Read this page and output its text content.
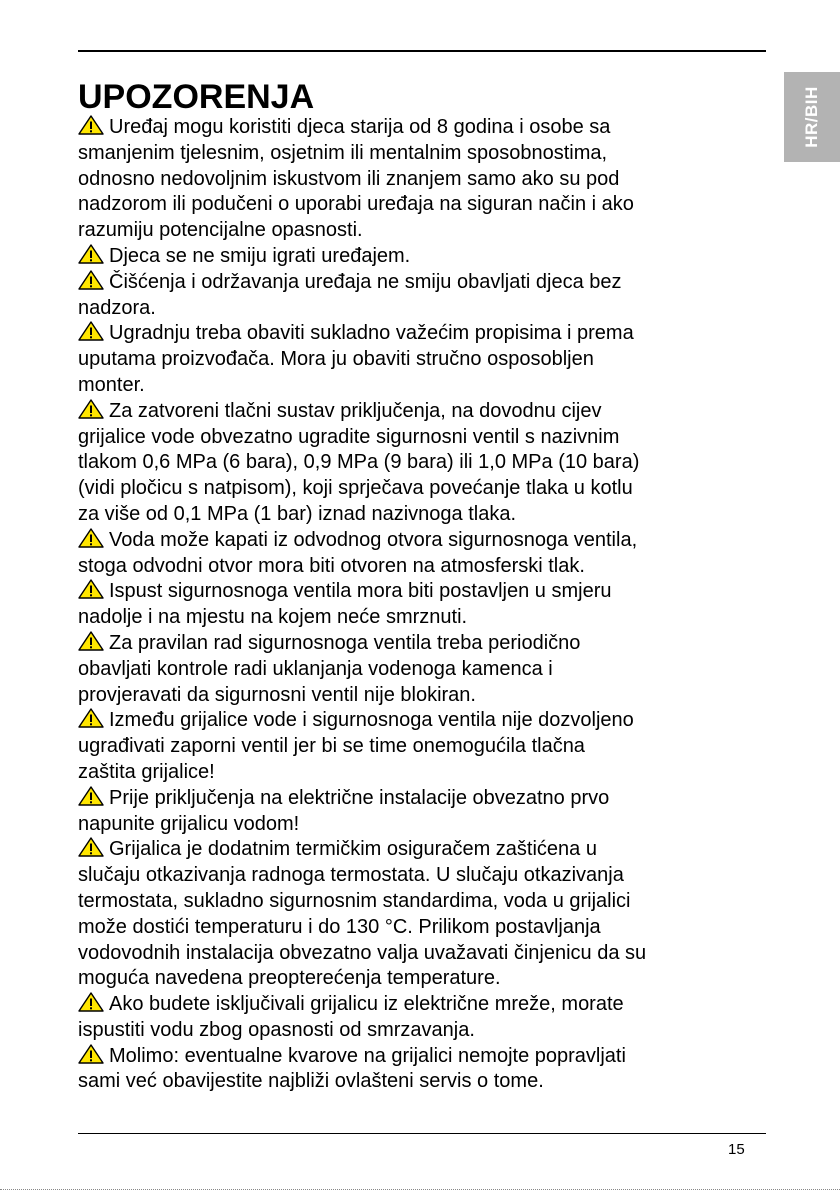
HR/BIH
UPOZORENJA

Uređaj mogu koristiti djeca starija od 8 godina i osobe sa

smanjenim tjelesnim, osjetnim ili mentalnim sposobnostima,

odnosno nedovoljnim iskustvom ili znanjem samo ako su pod

nadzorom ili podučeni o uporabi uređaja na siguran način i ako

razumiju potencijalne opasnosti.

Djeca se ne smiju igrati uređajem.

Čišćenja i održavanja uređaja ne smiju obavljati djeca bez

nadzora.

Ugradnju treba obaviti sukladno važećim propisima i prema

uputama proizvođača. Mora ju obaviti stručno osposobljen

monter.

Za zatvoreni tlačni sustav priključenja, na dovodnu cijev

grijalice vode obvezatno ugradite sigurnosni ventil s nazivnim

tlakom 0,6 MPa (6 bara), 0,9 MPa (9 bara) ili 1,0 MPa (10 bara)

(vidi pločicu s natpisom), koji sprječava povećanje tlaka u kotlu

za više od 0,1 MPa (1 bar) iznad nazivnoga tlaka.

Voda može kapati iz odvodnog otvora sigurnosnoga ventila,

stoga odvodni otvor mora biti otvoren na atmosferski tlak.

Ispust sigurnosnoga ventila mora biti postavljen u smjeru

nadolje i na mjestu na kojem neće smrznuti.

Za pravilan rad sigurnosnoga ventila treba periodično

obavljati kontrole radi uklanjanja vodenoga kamenca i

provjeravati da sigurnosni ventil nije blokiran.

Između grijalice vode i sigurnosnoga ventila nije dozvoljeno

ugrađivati zaporni ventil jer bi se time onemogućila tlačna

zaštita grijalice!

Prije priključenja na električne instalacije obvezatno prvo

napunite grijalicu vodom!

Grijalica je dodatnim termičkim osiguračem zaštićena u

slučaju otkazivanja radnoga termostata. U slučaju otkazivanja

termostata, sukladno sigurnosnim standardima, voda u grijalici

može dostići temperaturu i do 130 °C. Prilikom postavljanja

vodovodnih instalacija obvezatno valja uvažavati činjenicu da su

moguća navedena preopterećenja temperature.

Ako budete isključivali grijalicu iz električne mreže, morate

ispustiti vodu zbog opasnosti od smrzavanja.

Molimo: eventualne kvarove na grijalici nemojte popravljati

sami već obavijestite najbliži ovlašteni servis o tome.

15
